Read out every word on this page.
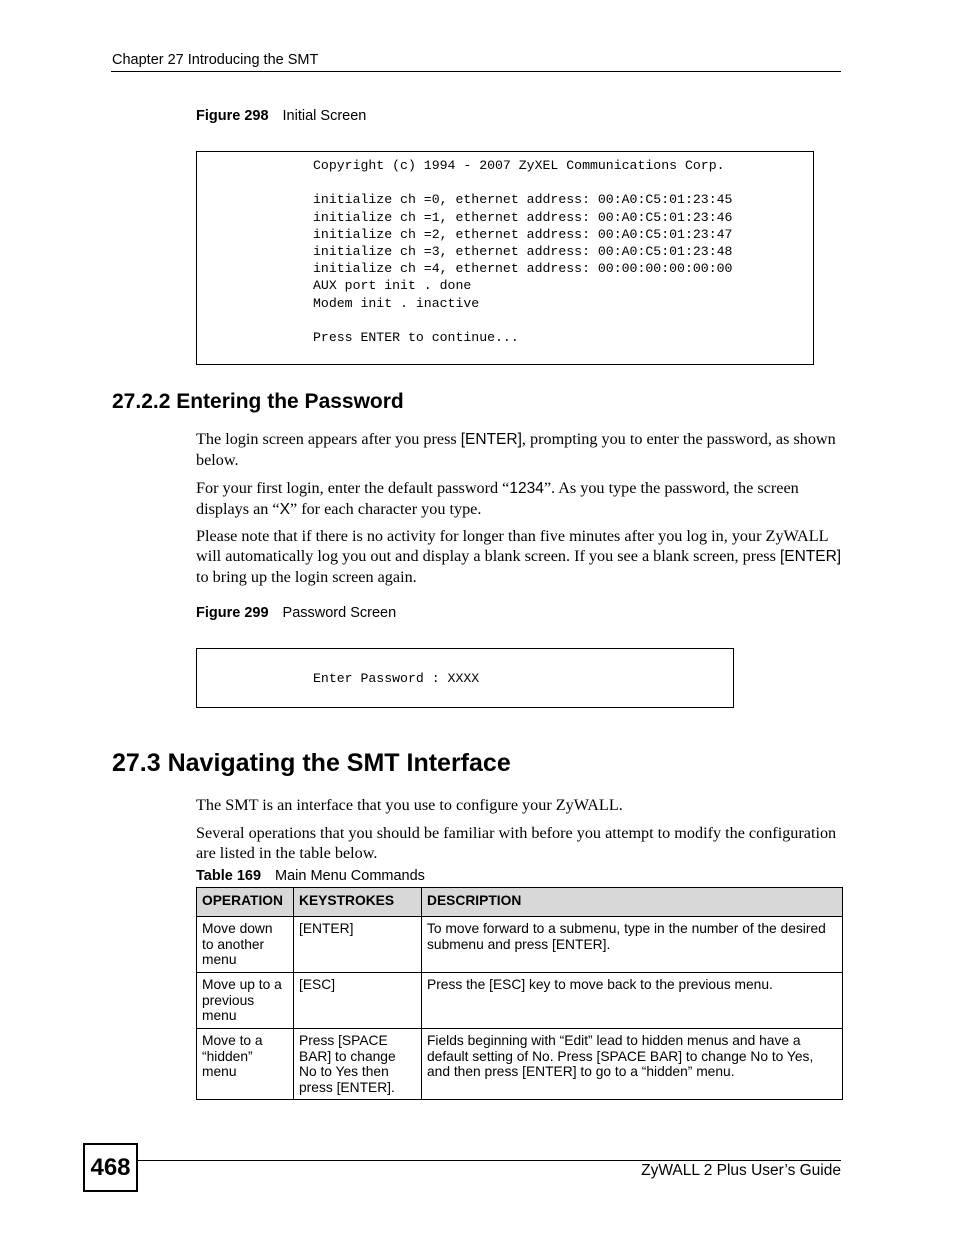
Chapter 27 Introducing the SMT
Figure 298 Initial Screen
Copyright (c) 1994 - 2007 ZyXEL Communications Corp.

initialize ch =0, ethernet address: 00:A0:C5:01:23:45
initialize ch =1, ethernet address: 00:A0:C5:01:23:46
initialize ch =2, ethernet address: 00:A0:C5:01:23:47
initialize ch =3, ethernet address: 00:A0:C5:01:23:48
initialize ch =4, ethernet address: 00:00:00:00:00:00
AUX port init . done
Modem init . inactive

Press ENTER to continue...
27.2.2 Entering the Password
The login screen appears after you press [ENTER], prompting you to enter the password, as shown below.
For your first login, enter the default password “1234”. As you type the password, the screen displays an “X” for each character you type.
Please note that if there is no activity for longer than five minutes after you log in, your ZyWALL will automatically log you out and display a blank screen. If you see a blank screen, press [ENTER] to bring up the login screen again.
Figure 299 Password Screen
Enter Password : XXXX
27.3 Navigating the SMT Interface
The SMT is an interface that you use to configure your ZyWALL.
Several operations that you should be familiar with before you attempt to modify the configuration are listed in the table below.
Table 169 Main Menu Commands
OPERATION	KEYSTROKES	DESCRIPTION
Move down
to another
menu	[ENTER]	To move forward to a submenu, type in the number of the desired submenu and press [ENTER].
Move up to a
previous
menu	[ESC]	Press the [ESC] key to move back to the previous menu.
Move to a
“hidden”
menu	Press [SPACE
BAR] to change
No to Yes then
press [ENTER].	Fields beginning with “Edit” lead to hidden menus and have a default setting of No. Press [SPACE BAR] to change No to Yes, and then press [ENTER] to go to a “hidden” menu.
468	ZyWALL 2 Plus User’s Guide
